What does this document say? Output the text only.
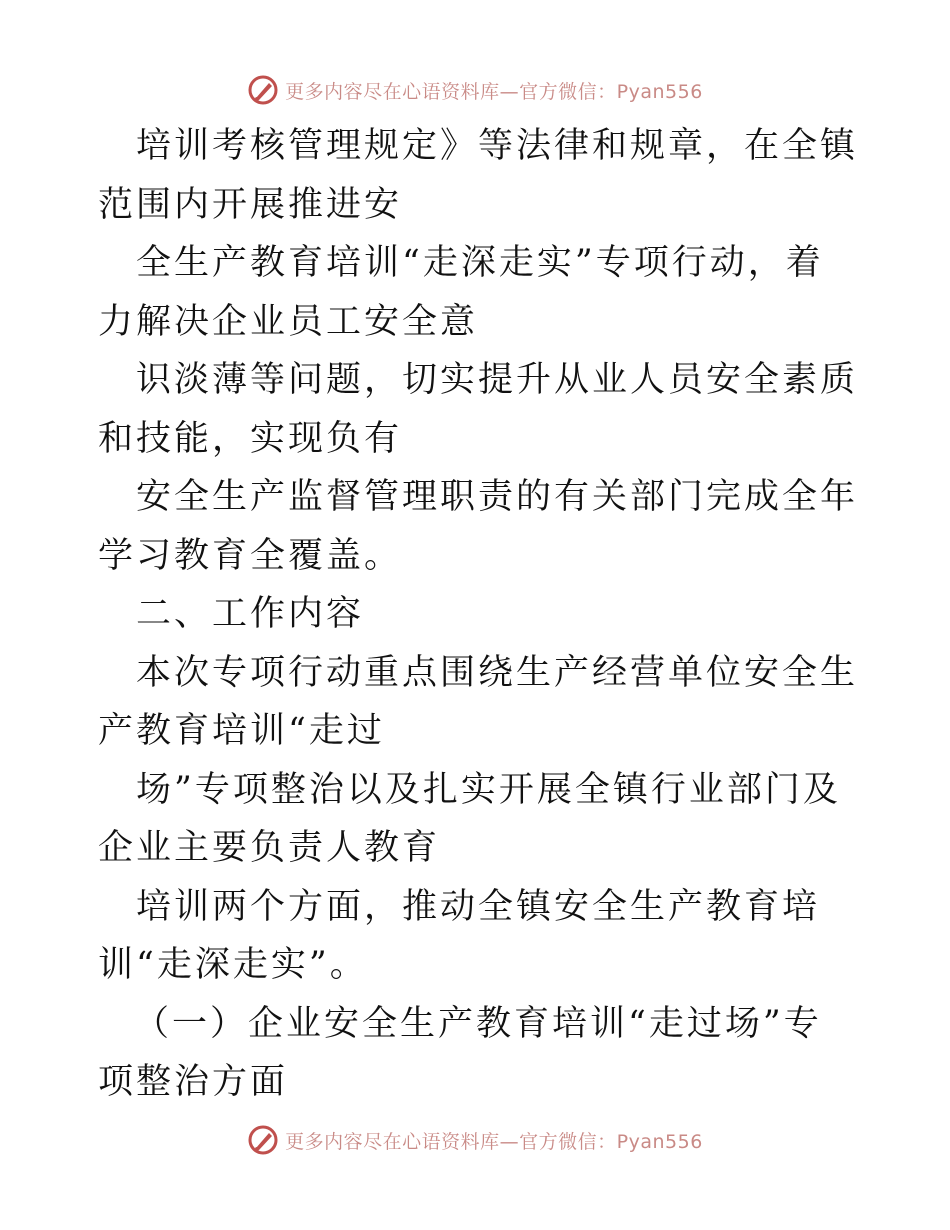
更多内容尽在心语资料库—官方微信：Pyan556

培训考核管理规定》等法律和规章，在全镇范围内开展推进安

全生产教育培训“走深走实”专项行动，着力解决企业员工安全意

识淡薄等问题，切实提升从业人员安全素质和技能，实现负有

安全生产监督管理职责的有关部门完成全年学习教育全覆盖。

二、工作内容

本次专项行动重点围绕生产经营单位安全生产教育培训“走过

场”专项整治以及扎实开展全镇行业部门及企业主要负责人教育

培训两个方面，推动全镇安全生产教育培训“走深走实”。

（一）企业安全生产教育培训“走过场”专项整治方面

更多内容尽在心语资料库—官方微信：Pyan556
